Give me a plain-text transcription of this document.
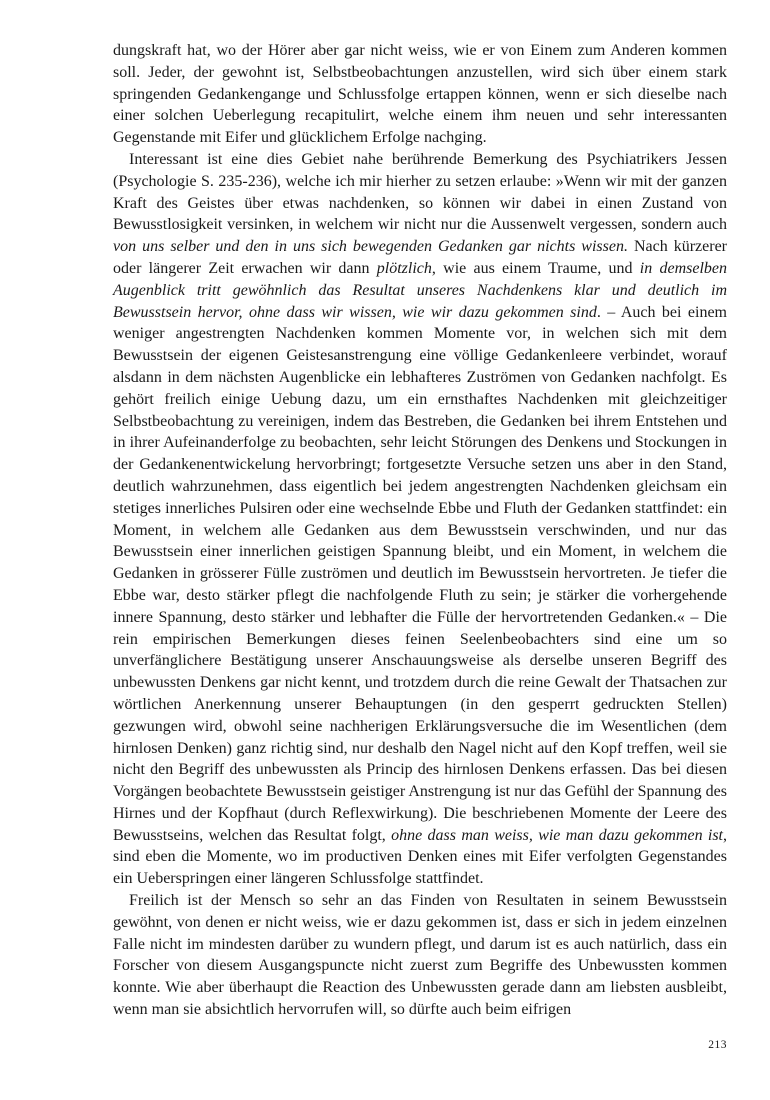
dungskraft hat, wo der Hörer aber gar nicht weiss, wie er von Einem zum Anderen kommen soll. Jeder, der gewohnt ist, Selbstbeobachtungen anzustellen, wird sich über einem stark springenden Gedankengange und Schlussfolge ertappen können, wenn er sich dieselbe nach einer solchen Ueberlegung recapitulirt, welche einem ihm neuen und sehr interessanten Gegenstande mit Eifer und glücklichem Erfolge nachging.

Interessant ist eine dies Gebiet nahe berührende Bemerkung des Psychiatrikers Jessen (Psychologie S. 235-236), welche ich mir hierher zu setzen erlaube: »Wenn wir mit der ganzen Kraft des Geistes über etwas nachdenken, so können wir dabei in einen Zustand von Bewusstlosigkeit versinken, in welchem wir nicht nur die Aussenwelt vergessen, sondern auch von uns selber und den in uns sich bewegenden Gedanken gar nichts wissen. Nach kürzerer oder längerer Zeit erwachen wir dann plötzlich, wie aus einem Traume, und in demselben Augenblick tritt gewöhnlich das Resultat unseres Nachdenkens klar und deutlich im Bewusstsein hervor, ohne dass wir wissen, wie wir dazu gekommen sind. – Auch bei einem weniger angestrengten Nachdenken kommen Momente vor, in welchen sich mit dem Bewusstsein der eigenen Geistesanstrengung eine völlige Gedankenleere verbindet, worauf alsdann in dem nächsten Augenblicke ein lebhafteres Zuströmen von Gedanken nachfolgt. Es gehört freilich einige Uebung dazu, um ein ernsthaftes Nachdenken mit gleichzeitiger Selbstbeobachtung zu vereinigen, indem das Bestreben, die Gedanken bei ihrem Entstehen und in ihrer Aufeinanderfolge zu beobachten, sehr leicht Störungen des Denkens und Stockungen in der Gedankenentwickelung hervorbringt; fortgesetzte Versuche setzen uns aber in den Stand, deutlich wahrzunehmen, dass eigentlich bei jedem angestrengten Nachdenken gleichsam ein stetiges innerliches Pulsiren oder eine wechselnde Ebbe und Fluth der Gedanken stattfindet: ein Moment, in welchem alle Gedanken aus dem Bewusstsein verschwinden, und nur das Bewusstsein einer innerlichen geistigen Spannung bleibt, und ein Moment, in welchem die Gedanken in grösserer Fülle zuströmen und deutlich im Bewusstsein hervortreten. Je tiefer die Ebbe war, desto stärker pflegt die nachfolgende Fluth zu sein; je stärker die vorhergehende innere Spannung, desto stärker und lebhafter die Fülle der hervortretenden Gedanken.« – Die rein empirischen Bemerkungen dieses feinen Seelenbeobachters sind eine um so unverfänglichere Bestätigung unserer Anschauungsweise als derselbe unseren Begriff des unbewussten Denkens gar nicht kennt, und trotzdem durch die reine Gewalt der Thatsachen zur wörtlichen Anerkennung unserer Behauptungen (in den gesperrt gedruckten Stellen) gezwungen wird, obwohl seine nachherigen Erklärungsversuche die im Wesentlichen (dem hirnlosen Denken) ganz richtig sind, nur deshalb den Nagel nicht auf den Kopf treffen, weil sie nicht den Begriff des unbewussten als Princip des hirnlosen Denkens erfassen. Das bei diesen Vorgängen beobachtete Bewusstsein geistiger Anstrengung ist nur das Gefühl der Spannung des Hirnes und der Kopfhaut (durch Reflexwirkung). Die beschriebenen Momente der Leere des Bewusstseins, welchen das Resultat folgt, ohne dass man weiss, wie man dazu gekommen ist, sind eben die Momente, wo im productiven Denken eines mit Eifer verfolgten Gegenstandes ein Ueberspringen einer längeren Schlussfolge stattfindet.

Freilich ist der Mensch so sehr an das Finden von Resultaten in seinem Bewusstsein gewöhnt, von denen er nicht weiss, wie er dazu gekommen ist, dass er sich in jedem einzelnen Falle nicht im mindesten darüber zu wundern pflegt, und darum ist es auch natürlich, dass ein Forscher von diesem Ausgangspuncte nicht zuerst zum Begriffe des Unbewussten kommen konnte. Wie aber überhaupt die Reaction des Unbewussten gerade dann am liebsten ausbleibt, wenn man sie absichtlich hervorrufen will, so dürfte auch beim eifrigen

213
